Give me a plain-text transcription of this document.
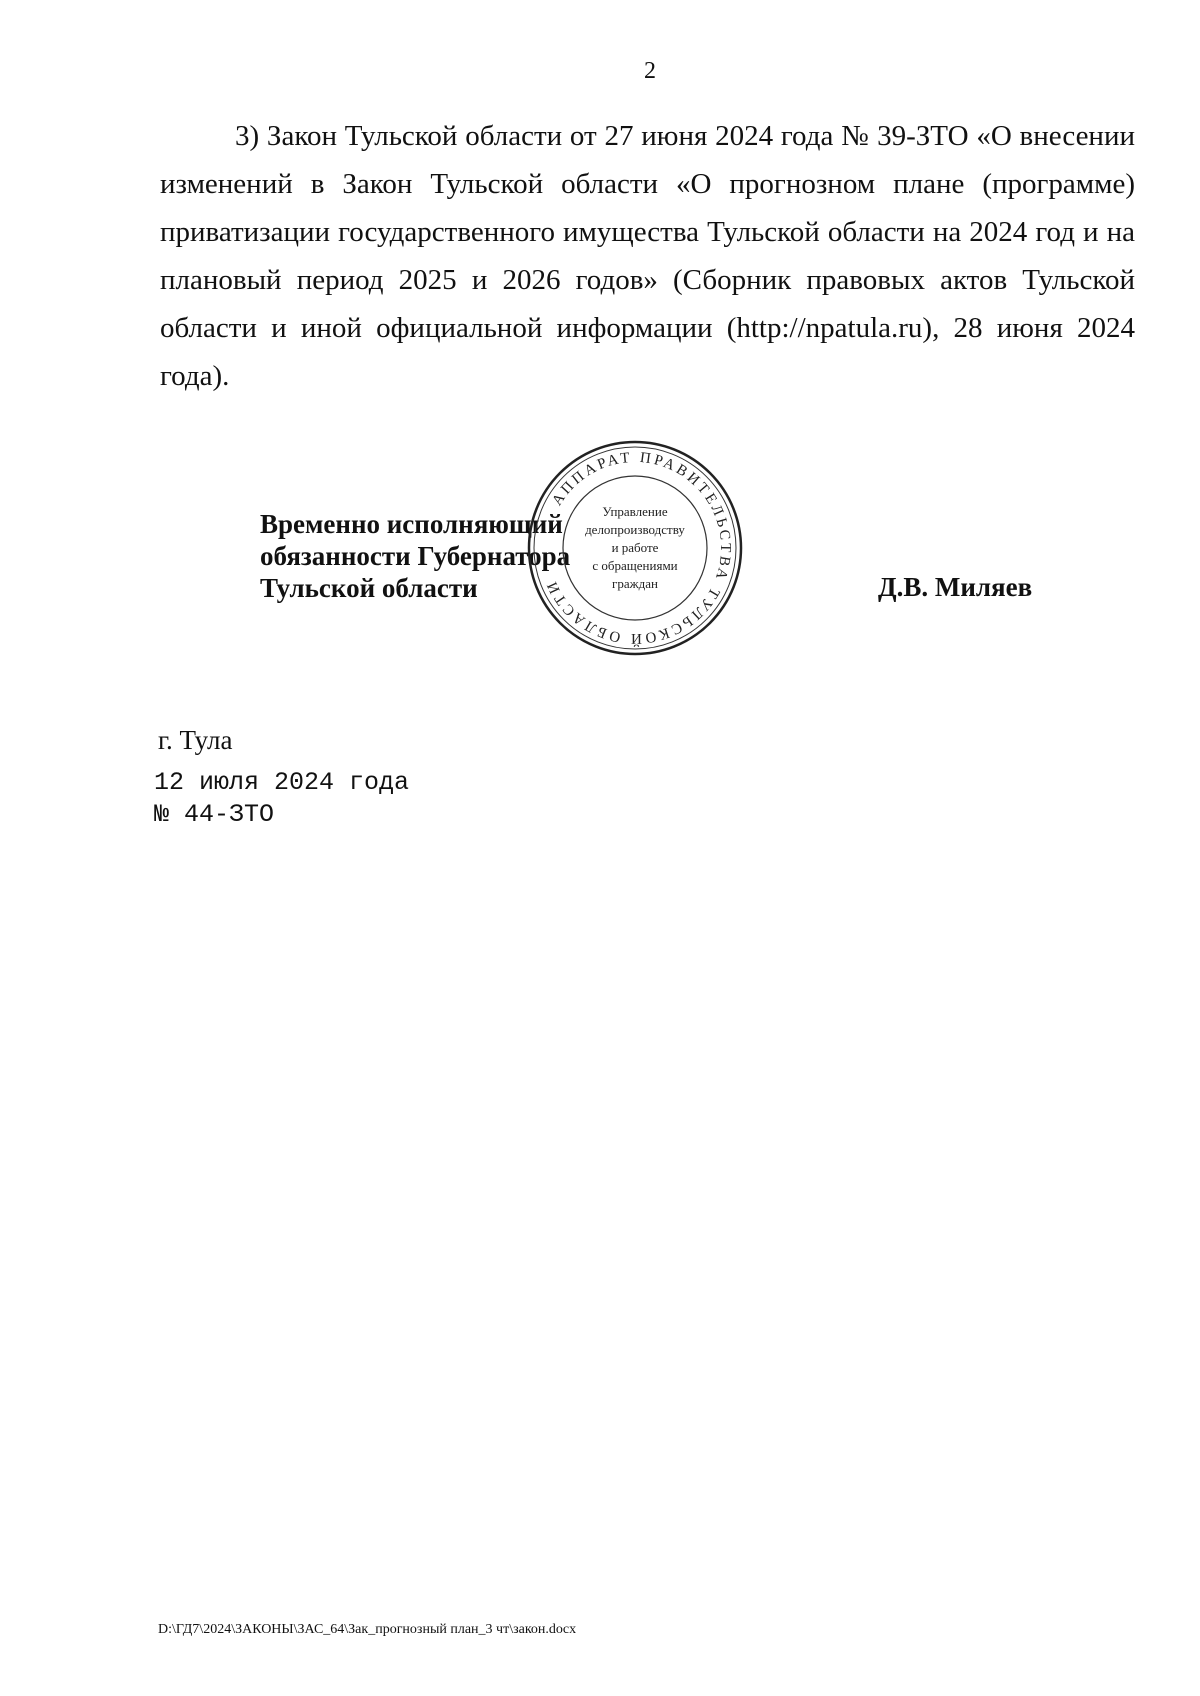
2

3) Закон Тульской области от 27 июня 2024 года № 39-ЗТО «О внесении изменений в Закон Тульской области «О прогнозном плане (программе) приватизации государственного имущества Тульской области на 2024 год и на плановый период 2025 и 2026 годов» (Сборник правовых актов Тульской области и иной официальной информации (http://npatula.ru), 28 июня 2024 года).

Временно исполняющий
обязанности Губернатора
Тульской области
АППАРАТ ПРАВИТЕЛЬСТВА ТУЛЬСКОЙ ОБЛАСТИ
Управление
делопроизводству
и работе
с обращениями
граждан	Д.В. Миляев
г. Тула
12 июля 2024 года
№ 44-ЗТО
D:\ГД7\2024\ЗАКОНЫ\ЗАС_64\Зак_прогнозный план_3 чт\закон.docx
